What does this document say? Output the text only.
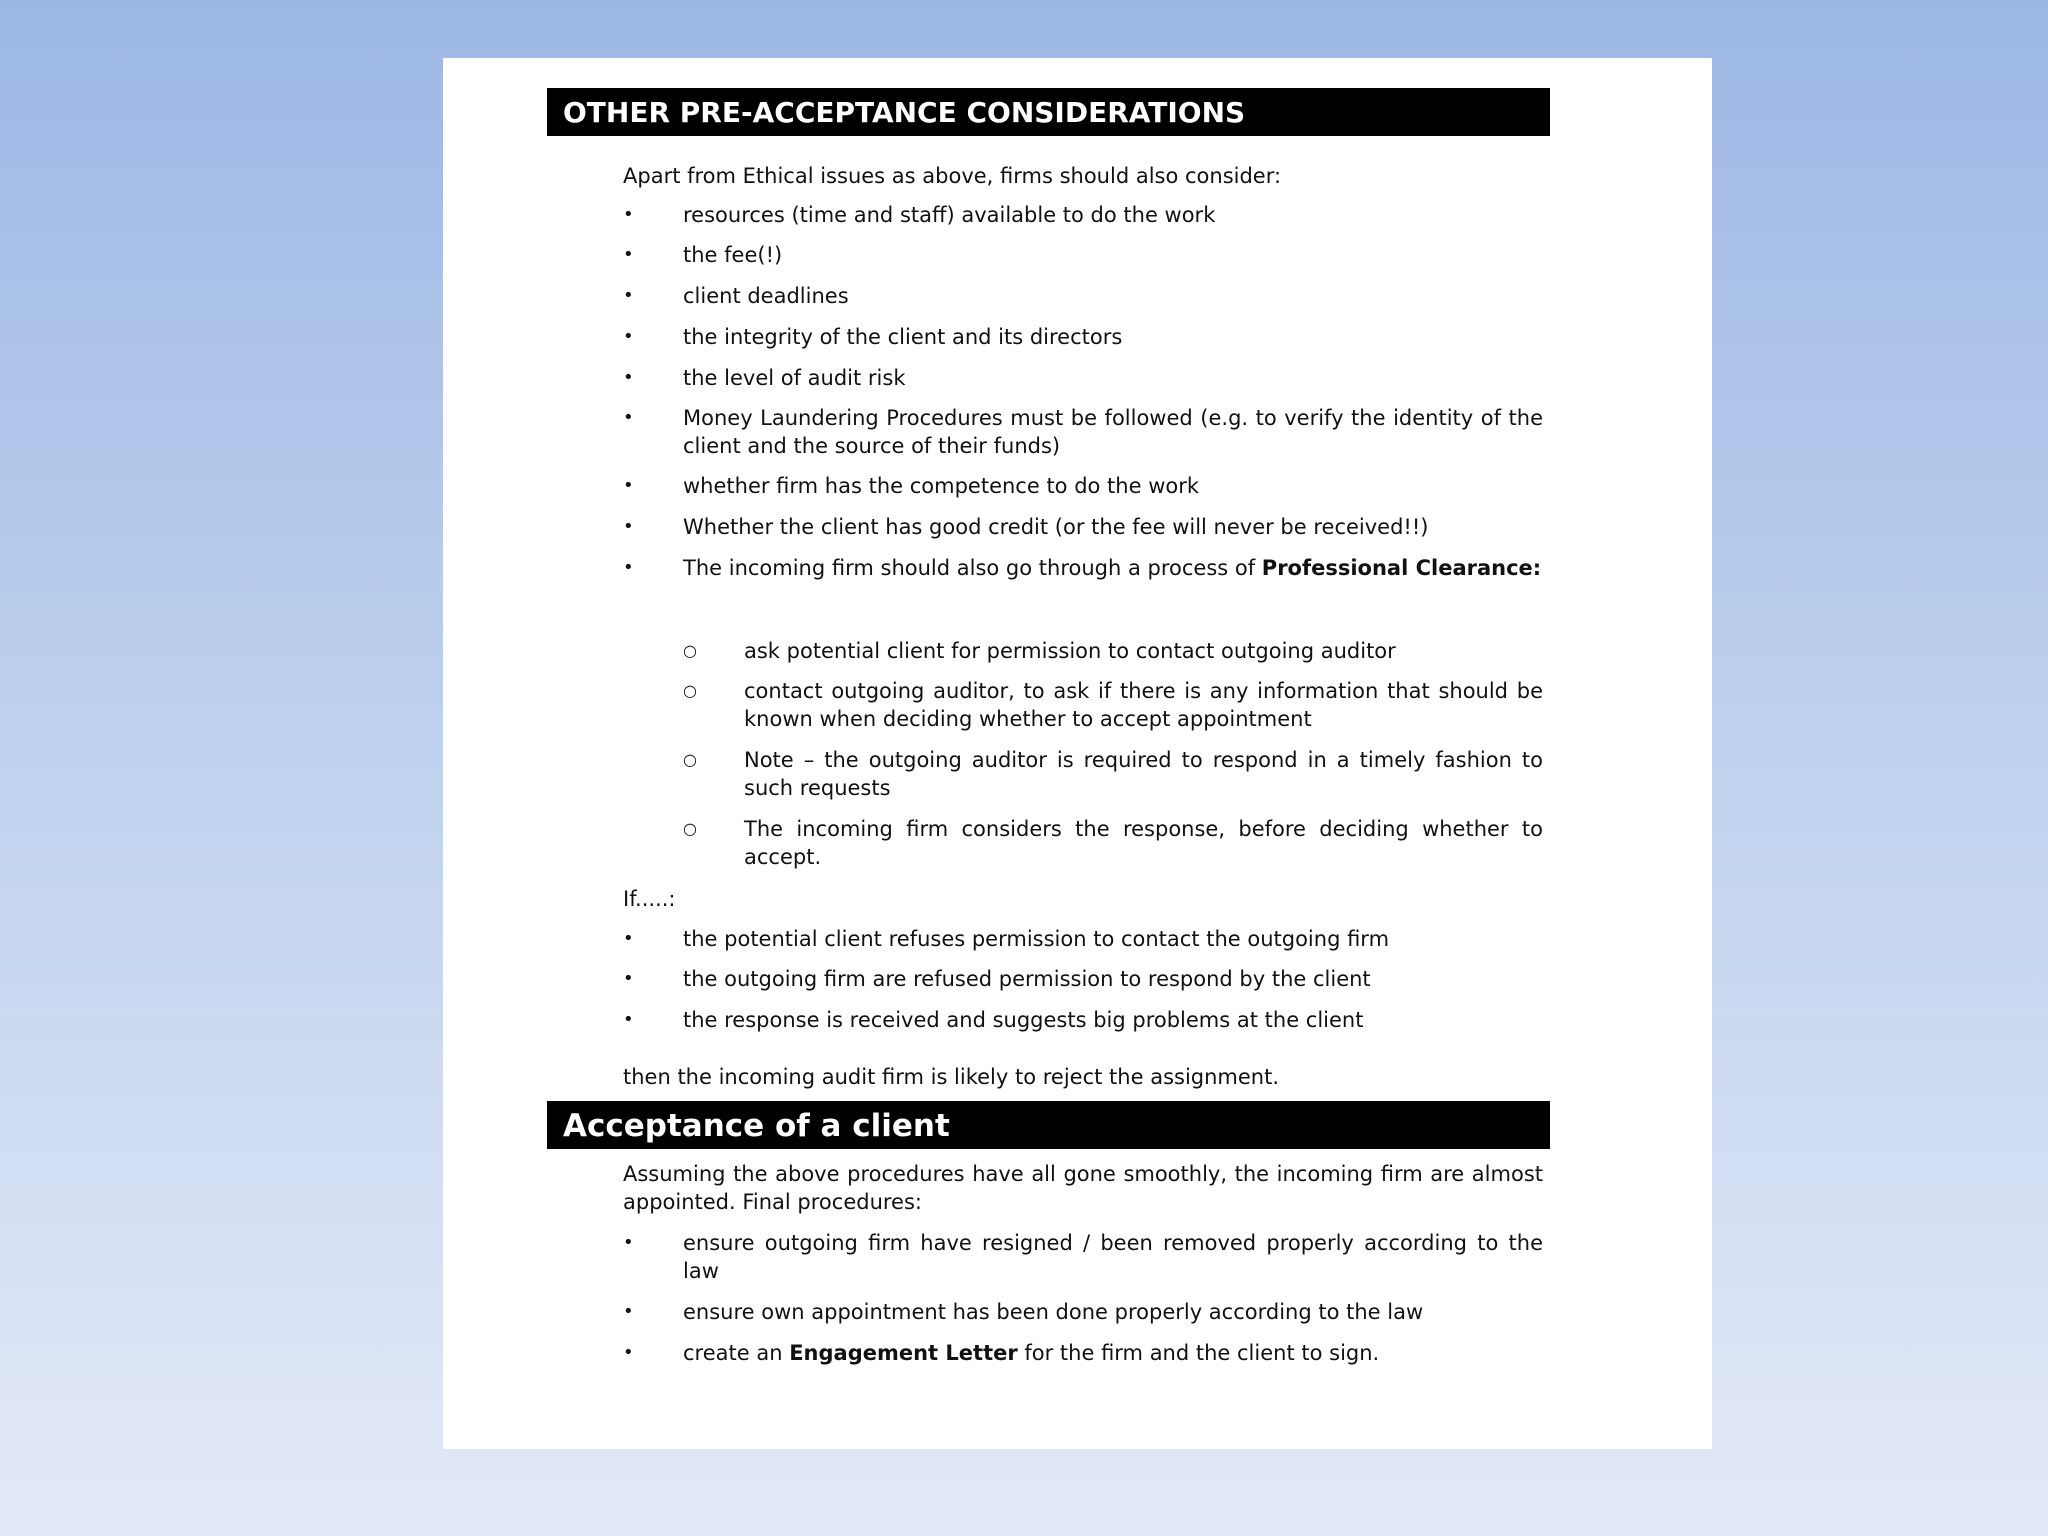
OTHER PRE-ACCEPTANCE CONSIDERATIONS
Apart from Ethical issues as above, firms should also consider:
• resources (time and staff) available to do the work
• the fee(!)
• client deadlines
• the integrity of the client and its directors
• the level of audit risk
• Money Laundering Procedures must be followed (e.g. to verify the identity of the client and the source of their funds)
• whether firm has the competence to do the work
• Whether the client has good credit (or the fee will never be received!!)
• The incoming firm should also go through a process of Professional Clearance:
○ ask potential client for permission to contact outgoing auditor
○ contact outgoing auditor, to ask if there is any information that should be known when deciding whether to accept appointment
○ Note – the outgoing auditor is required to respond in a timely fashion to such requests
○ The incoming firm considers the response, before deciding whether to accept.
If.....:
• the potential client refuses permission to contact the outgoing firm
• the outgoing firm are refused permission to respond by the client
• the response is received and suggests big problems at the client
then the incoming audit firm is likely to reject the assignment.
Acceptance of a client
Assuming the above procedures have all gone smoothly, the incoming firm are almost appointed. Final procedures:
• ensure outgoing firm have resigned / been removed properly according to the law
• ensure own appointment has been done properly according to the law
• create an Engagement Letter for the firm and the client to sign.
